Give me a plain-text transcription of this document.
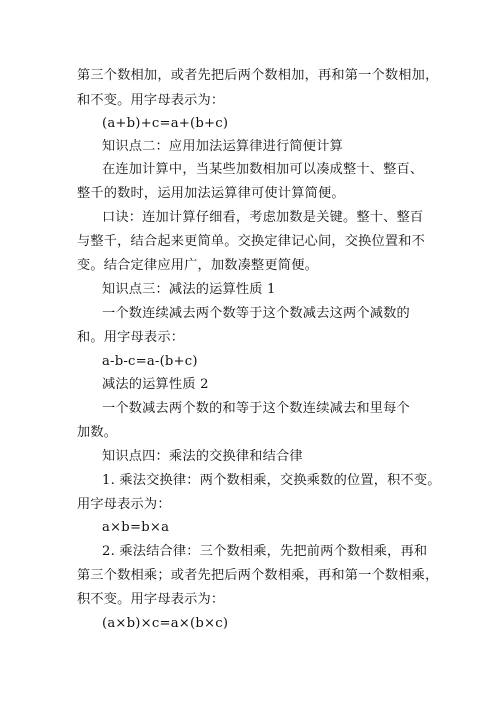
第三个数相加，或者先把后两个数相加，再和第一个数相加，
和不变。用字母表示为：
(a+b)+c=a+(b+c)
知识点二：应用加法运算律进行简便计算
在连加计算中，当某些加数相加可以凑成整十、整百、
整千的数时，运用加法运算律可使计算简便。
口诀：连加计算仔细看，考虑加数是关键。整十、整百
与整千，结合起来更简单。交换定律记心间，交换位置和不
变。结合定律应用广，加数凑整更简便。
知识点三：减法的运算性质 1
一个数连续减去两个数等于这个数减去这两个减数的
和。用字母表示：
a-b-c=a-(b+c)
减法的运算性质 2
一个数减去两个数的和等于这个数连续减去和里每个
加数。
知识点四：乘法的交换律和结合律
1. 乘法交换律：两个数相乘，交换乘数的位置，积不变。
用字母表示为：
a×b=b×a
2. 乘法结合律：三个数相乘，先把前两个数相乘，再和
第三个数相乘；或者先把后两个数相乘，再和第一个数相乘，
积不变。用字母表示为：
(a×b)×c=a×(b×c)
